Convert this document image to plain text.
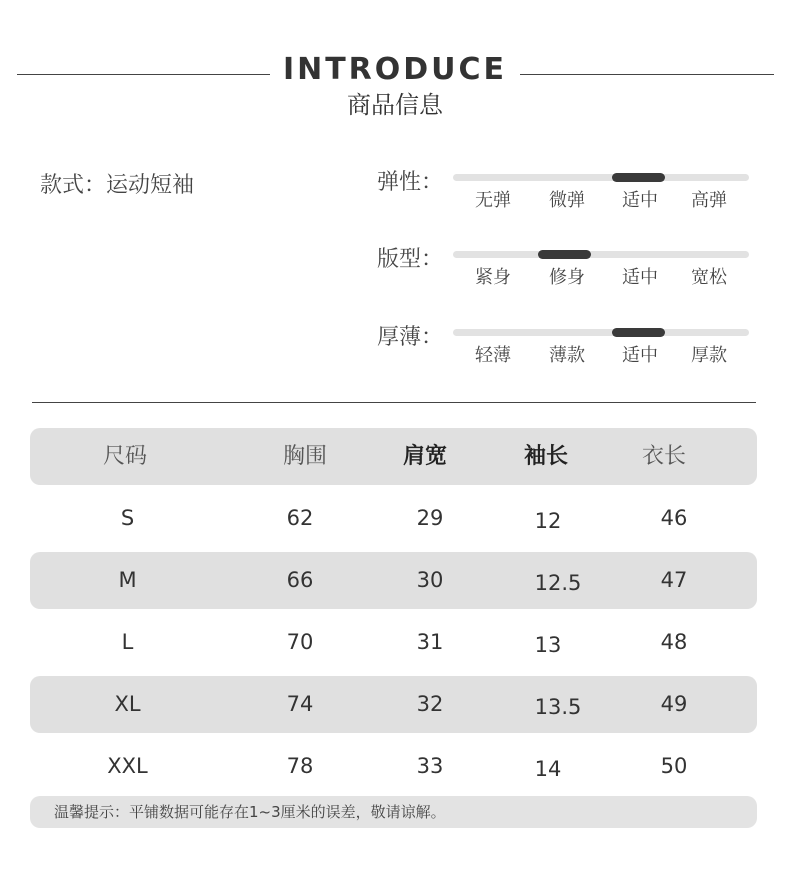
INTRODUCE
商品信息
款式：运动短袖	弹性：
无弹	微弹	适中	高弹
版型：
紧身	修身	适中	宽松
厚薄：
轻薄	薄款	适中	厚款
尺码	胸围	肩宽	袖长	衣长
S	62	29	12	46
M	66	30	12.5	47
L	70	31	13	48
XL	74	32	13.5	49
XXL	78	33	14	50
温馨提示：平铺数据可能存在1~3厘米的误差，敬请谅解。
